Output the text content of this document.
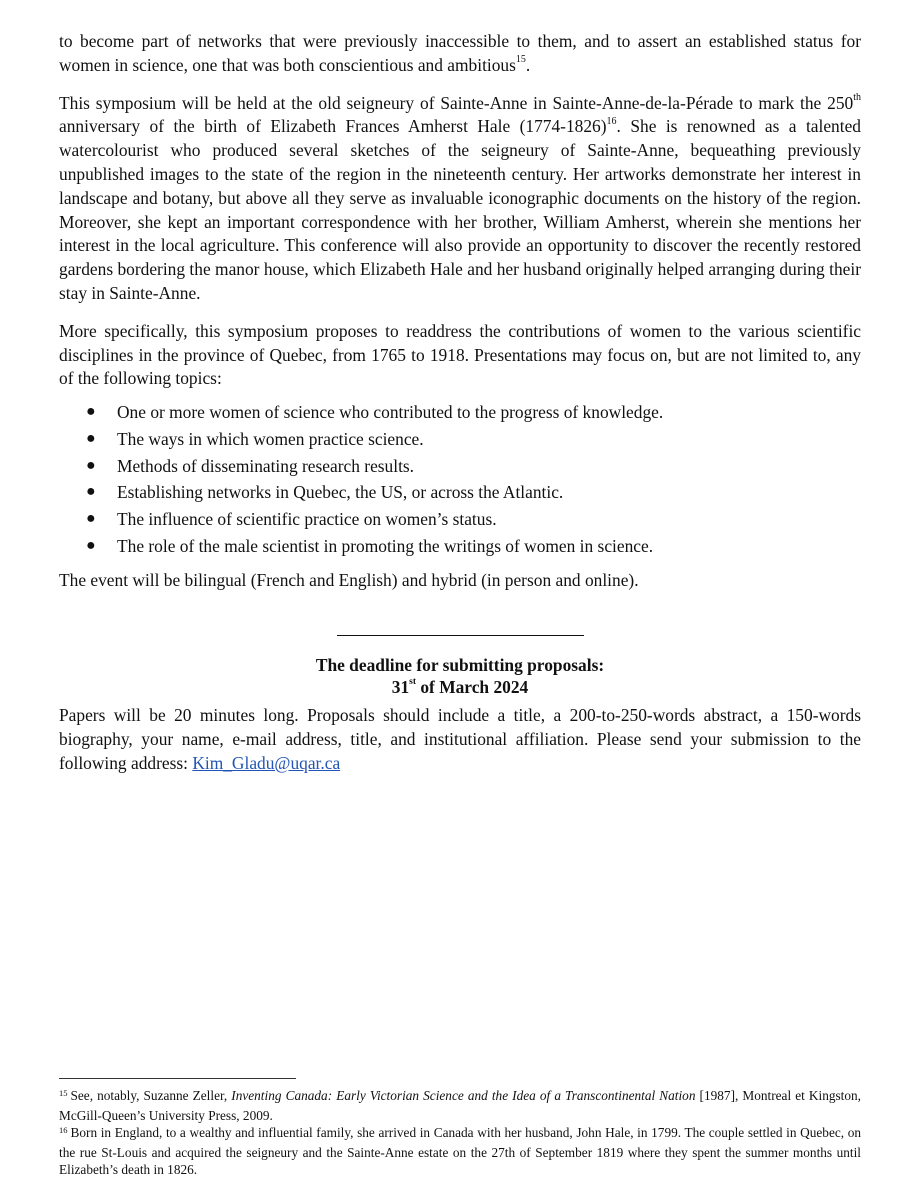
to become part of networks that were previously inaccessible to them, and to assert an established status for women in science, one that was both conscientious and ambitious$^{15}$.

This symposium will be held at the old seigneury of Sainte-Anne in Sainte-Anne-de-la-Pérade to mark the 250th anniversary of the birth of Elizabeth Frances Amherst Hale (1774-1826)$^{16}$. She is renowned as a talented watercolourist who produced several sketches of the seigneury of Sainte-Anne, bequeathing previously unpublished images to the state of the region in the nineteenth century. Her artworks demonstrate her interest in landscape and botany, but above all they serve as invaluable iconographic documents on the history of the region. Moreover, she kept an important correspondence with her brother, William Amherst, wherein she mentions her interest in the local agriculture. This conference will also provide an opportunity to discover the recently restored gardens bordering the manor house, which Elizabeth Hale and her husband originally helped arranging during their stay in Sainte-Anne.

More specifically, this symposium proposes to readdress the contributions of women to the various scientific disciplines in the province of Quebec, from 1765 to 1918. Presentations may focus on, but are not limited to, any of the following topics:

● One or more women of science who contributed to the progress of knowledge.
● The ways in which women practice science.
● Methods of disseminating research results.
● Establishing networks in Quebec, the US, or across the Atlantic.
● The influence of scientific practice on women’s status.
● The role of the male scientist in promoting the writings of women in science.

The event will be bilingual (French and English) and hybrid (in person and online).

The deadline for submitting proposals:
31st of March 2024

Papers will be 20 minutes long. Proposals should include a title, a 200-to-250-words abstract, a 150-words biography, your name, e-mail address, title, and institutional affiliation. Please send your submission to the following address: Kim_Gladu@uqar.ca

$^{15}$ See, notably, Suzanne Zeller, Inventing Canada: Early Victorian Science and the Idea of a Transcontinental Nation [1987], Montreal et Kingston, McGill-Queen’s University Press, 2009.

$^{16}$ Born in England, to a wealthy and influential family, she arrived in Canada with her husband, John Hale, in 1799. The couple settled in Quebec, on the rue St-Louis and acquired the seigneury and the Sainte-Anne estate on the 27th of September 1819 where they spent the summer months until Elizabeth’s death in 1826.
